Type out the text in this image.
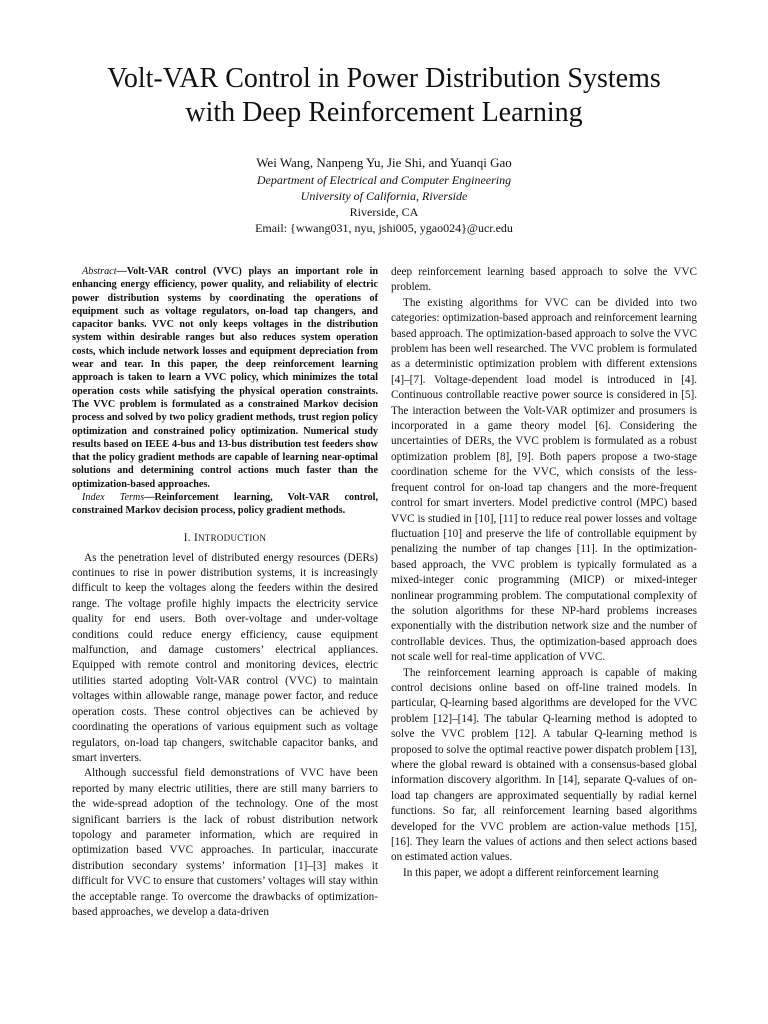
Volt-VAR Control in Power Distribution Systems
with Deep Reinforcement Learning
Wei Wang, Nanpeng Yu, Jie Shi, and Yuanqi Gao
Department of Electrical and Computer Engineering
University of California, Riverside
Riverside, CA
Email: {wwang031, nyu, jshi005, ygao024}@ucr.edu

Abstract—Volt-VAR control (VVC) plays an important role in enhancing energy efficiency, power quality, and reliability of electric power distribution systems by coordinating the operations of equipment such as voltage regulators, on-load tap changers, and capacitor banks. VVC not only keeps voltages in the distribution system within desirable ranges but also reduces system operation costs, which include network losses and equipment depreciation from wear and tear. In this paper, the deep reinforcement learning approach is taken to learn a VVC policy, which minimizes the total operation costs while satisfying the physical operation constraints. The VVC problem is formulated as a constrained Markov decision process and solved by two policy gradient methods, trust region policy optimization and constrained policy optimization. Numerical study results based on IEEE 4-bus and 13-bus distribution test feeders show that the policy gradient methods are capable of learning near-optimal solutions and determining control actions much faster than the optimization-based approaches.

Index Terms—Reinforcement learning, Volt-VAR control, constrained Markov decision process, policy gradient methods.

I. INTRODUCTION

As the penetration level of distributed energy resources (DERs) continues to rise in power distribution systems, it is increasingly difficult to keep the voltages along the feeders within the desired range. The voltage profile highly impacts the electricity service quality for end users. Both over-voltage and under-voltage conditions could reduce energy efficiency, cause equipment malfunction, and damage customers’ electrical appliances. Equipped with remote control and monitoring devices, electric utilities started adopting Volt-VAR control (VVC) to maintain voltages within allowable range, manage power factor, and reduce operation costs. These control objectives can be achieved by coordinating the operations of various equipment such as voltage regulators, on-load tap changers, switchable capacitor banks, and smart inverters.

Although successful field demonstrations of VVC have been reported by many electric utilities, there are still many barriers to the wide-spread adoption of the technology. One of the most significant barriers is the lack of robust distribution network topology and parameter information, which are required in optimization based VVC approaches. In particular, inaccurate distribution secondary systems’ information [1]–[3] makes it difficult for VVC to ensure that customers’ voltages will stay within the acceptable range. To overcome the drawbacks of optimization-based approaches, we develop a data-driven

deep reinforcement learning based approach to solve the VVC problem.

The existing algorithms for VVC can be divided into two categories: optimization-based approach and reinforcement learning based approach. The optimization-based approach to solve the VVC problem has been well researched. The VVC problem is formulated as a deterministic optimization problem with different extensions [4]–[7]. Voltage-dependent load model is introduced in [4]. Continuous controllable reactive power source is considered in [5]. The interaction between the Volt-VAR optimizer and prosumers is incorporated in a game theory model [6]. Considering the uncertainties of DERs, the VVC problem is formulated as a robust optimization problem [8], [9]. Both papers propose a two-stage coordination scheme for the VVC, which consists of the less-frequent control for on-load tap changers and the more-frequent control for smart inverters. Model predictive control (MPC) based VVC is studied in [10], [11] to reduce real power losses and voltage fluctuation [10] and preserve the life of controllable equipment by penalizing the number of tap changes [11]. In the optimization-based approach, the VVC problem is typically formulated as a mixed-integer conic programming (MICP) or mixed-integer nonlinear programming problem. The computational complexity of the solution algorithms for these NP-hard problems increases exponentially with the distribution network size and the number of controllable devices. Thus, the optimization-based approach does not scale well for real-time application of VVC.

The reinforcement learning approach is capable of making control decisions online based on off-line trained models. In particular, Q-learning based algorithms are developed for the VVC problem [12]–[14]. The tabular Q-learning method is adopted to solve the VVC problem [12]. A tabular Q-learning method is proposed to solve the optimal reactive power dispatch problem [13], where the global reward is obtained with a consensus-based global information discovery algorithm. In [14], separate Q-values of on-load tap changers are approximated sequentially by radial kernel functions. So far, all reinforcement learning based algorithms developed for the VVC problem are action-value methods [15], [16]. They learn the values of actions and then select actions based on estimated action values.

In this paper, we adopt a different reinforcement learning
